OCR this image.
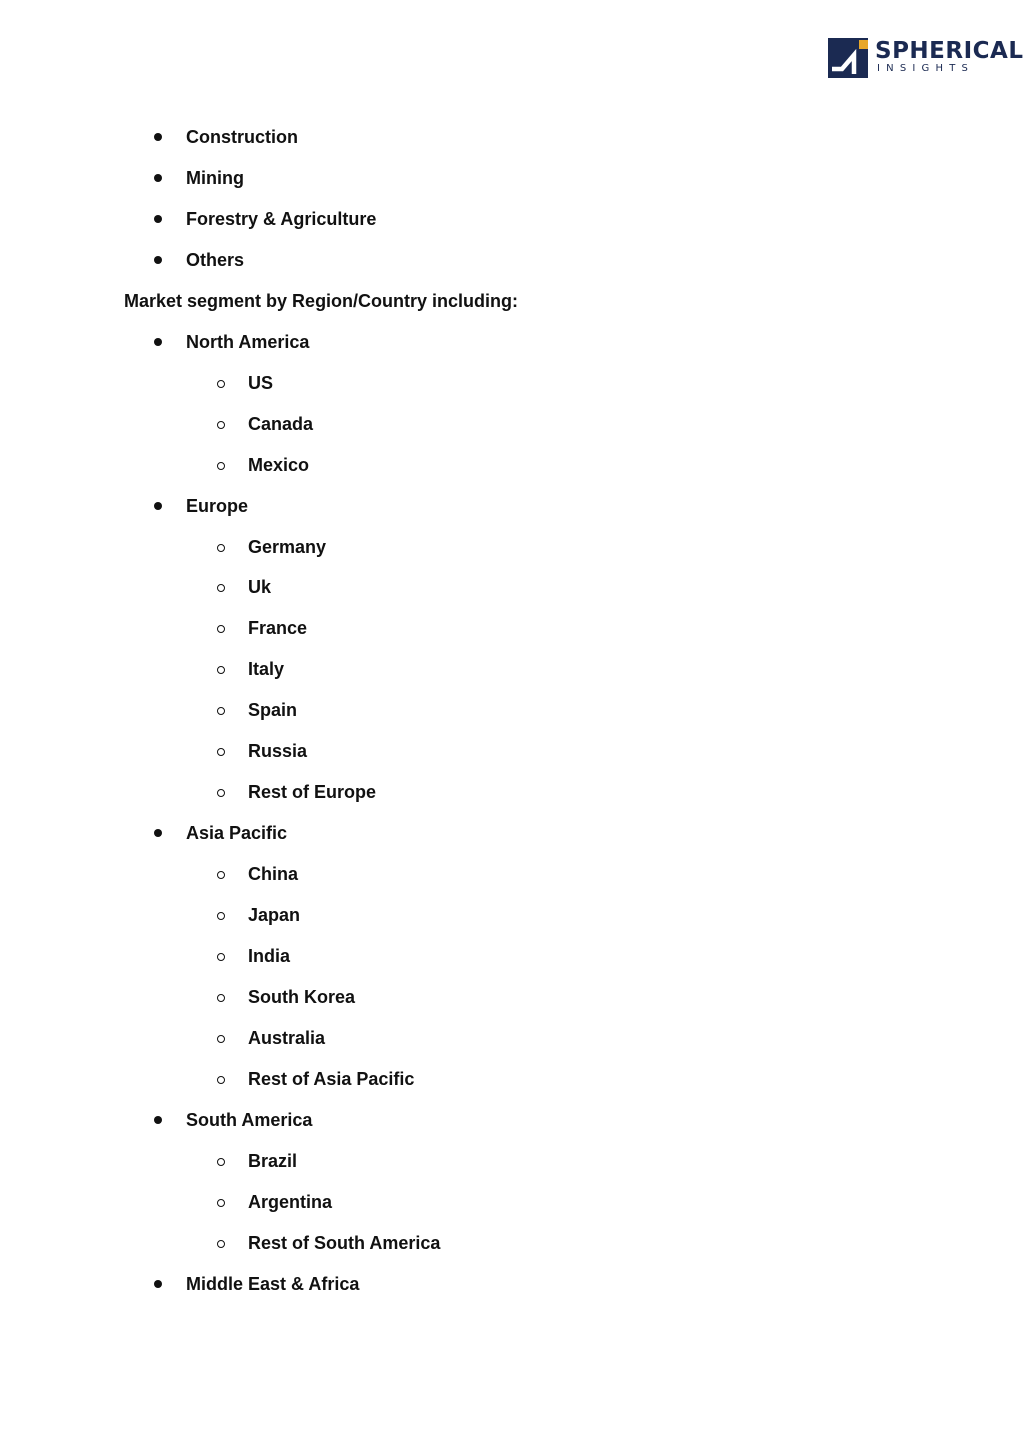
SPHERICAL
INSIGHTS
Construction
Mining
Forestry & Agriculture
Others
Market segment by Region/Country including:
North America
US
Canada
Mexico
Europe
Germany
Uk
France
Italy
Spain
Russia
Rest of Europe
Asia Pacific
China
Japan
India
South Korea
Australia
Rest of Asia Pacific
South America
Brazil
Argentina
Rest of South America
Middle East & Africa
